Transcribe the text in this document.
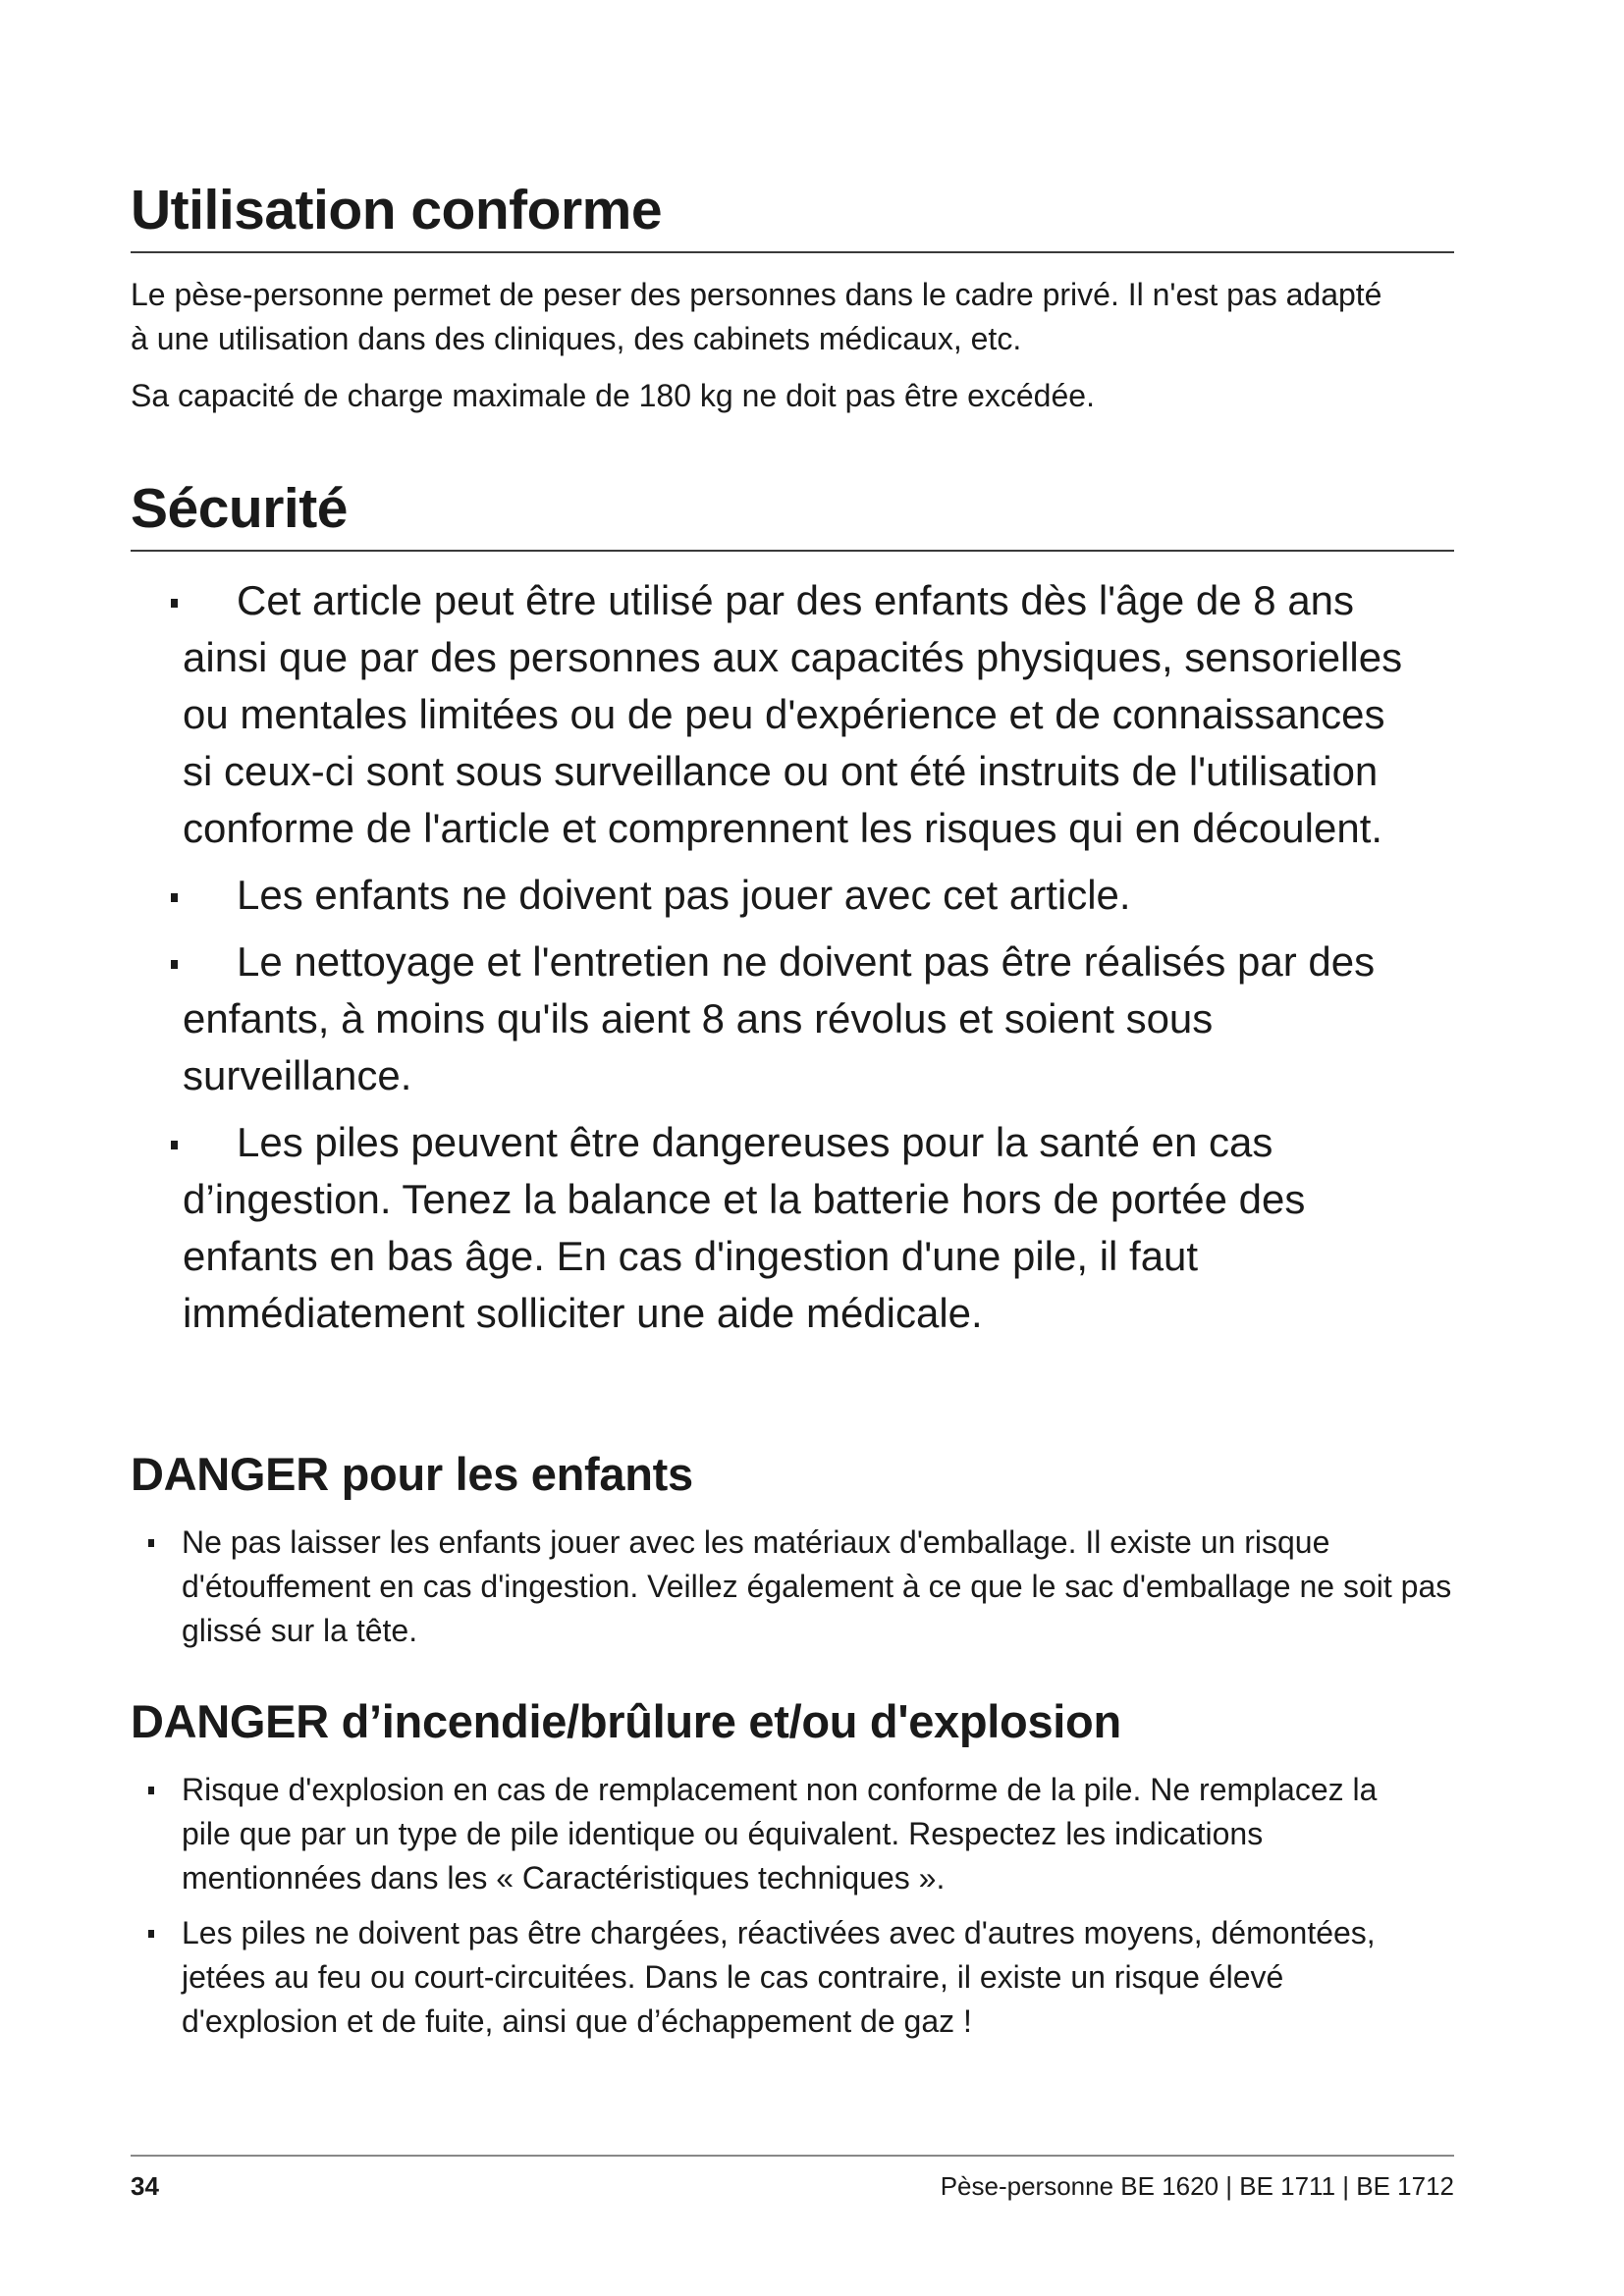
Utilisation conforme

Le pèse-personne permet de peser des personnes dans le cadre privé. Il n'est pas adapté à une utilisation dans des cliniques, des cabinets médicaux, etc.

Sa capacité de charge maximale de 180 kg ne doit pas être excédée.

Sécurité
Cet article peut être utilisé par des enfants dès l'âge de 8 ans ainsi que par des personnes aux capacités physiques, sensorielles ou mentales limitées ou de peu d'expérience et de connaissances si ceux-ci sont sous surveillance ou ont été instruits de l'utilisation conforme de l'article et comprennent les risques qui en découlent.
Les enfants ne doivent pas jouer avec cet article.
Le nettoyage et l'entretien ne doivent pas être réalisés par des enfants, à moins qu'ils aient 8 ans révolus et soient sous surveillance.
Les piles peuvent être dangereuses pour la santé en cas d’ingestion. Tenez la balance et la batterie hors de portée des enfants en bas âge. En cas d'ingestion d'une pile, il faut immédiatement solliciter une aide médicale.
DANGER pour les enfants
Ne pas laisser les enfants jouer avec les matériaux d'emballage. Il existe un risque d'étouffement en cas d'ingestion. Veillez également à ce que le sac d'emballage ne soit pas glissé sur la tête.
DANGER d’incendie/brûlure et/ou d'explosion
Risque d'explosion en cas de remplacement non conforme de la pile. Ne remplacez la pile que par un type de pile identique ou équivalent. Respectez les indications mentionnées dans les « Caractéristiques techniques ».
Les piles ne doivent pas être chargées, réactivées avec d'autres moyens, démontées, jetées au feu ou court-circuitées. Dans le cas contraire, il existe un risque élevé d'explosion et de fuite, ainsi que d’échappement de gaz !
34	Pèse-personne BE 1620 | BE 1711 | BE 1712
